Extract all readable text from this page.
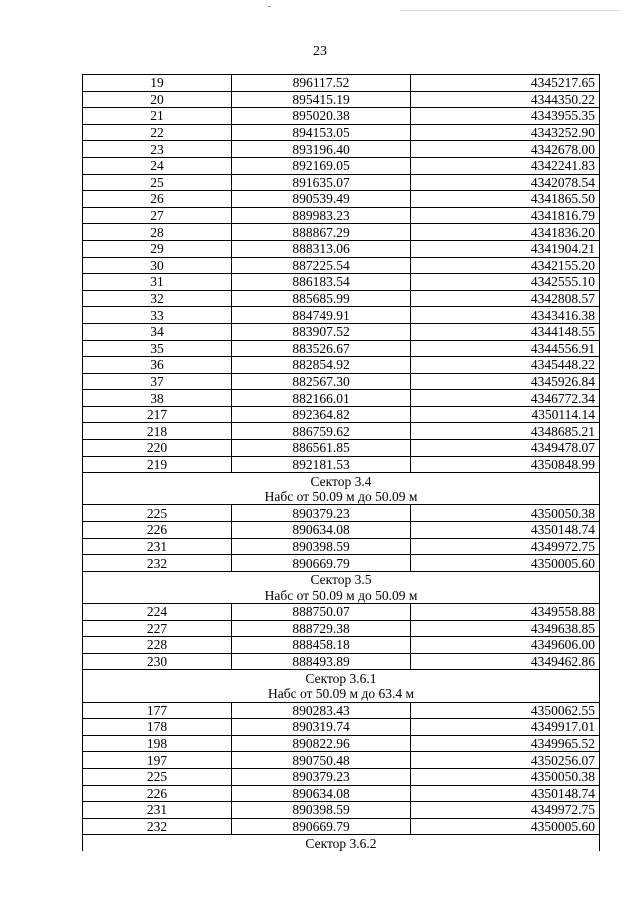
23
19	896117.52	4345217.65
20	895415.19	4344350.22
21	895020.38	4343955.35
22	894153.05	4343252.90
23	893196.40	4342678.00
24	892169.05	4342241.83
25	891635.07	4342078.54
26	890539.49	4341865.50
27	889983.23	4341816.79
28	888867.29	4341836.20
29	888313.06	4341904.21
30	887225.54	4342155.20
31	886183.54	4342555.10
32	885685.99	4342808.57
33	884749.91	4343416.38
34	883907.52	4344148.55
35	883526.67	4344556.91
36	882854.92	4345448.22
37	882567.30	4345926.84
38	882166.01	4346772.34
217	892364.82	4350114.14
218	886759.62	4348685.21
220	886561.85	4349478.07
219	892181.53	4350848.99
Сектор 3.4		
Набс от 50.09 м до 50.09 м		
225	890379.23	4350050.38
226	890634.08	4350148.74
231	890398.59	4349972.75
232	890669.79	4350005.60
Сектор 3.5		
Набс от 50.09 м до 50.09 м		
224	888750.07	4349558.88
227	888729.38	4349638.85
228	888458.18	4349606.00
230	888493.89	4349462.86
Сектор 3.6.1		
Набс от 50.09 м до 63.4 м		
177	890283.43	4350062.55
178	890319.74	4349917.01
198	890822.96	4349965.52
197	890750.48	4350256.07
225	890379.23	4350050.38
226	890634.08	4350148.74
231	890398.59	4349972.75
232	890669.79	4350005.60
Сектор 3.6.2		
